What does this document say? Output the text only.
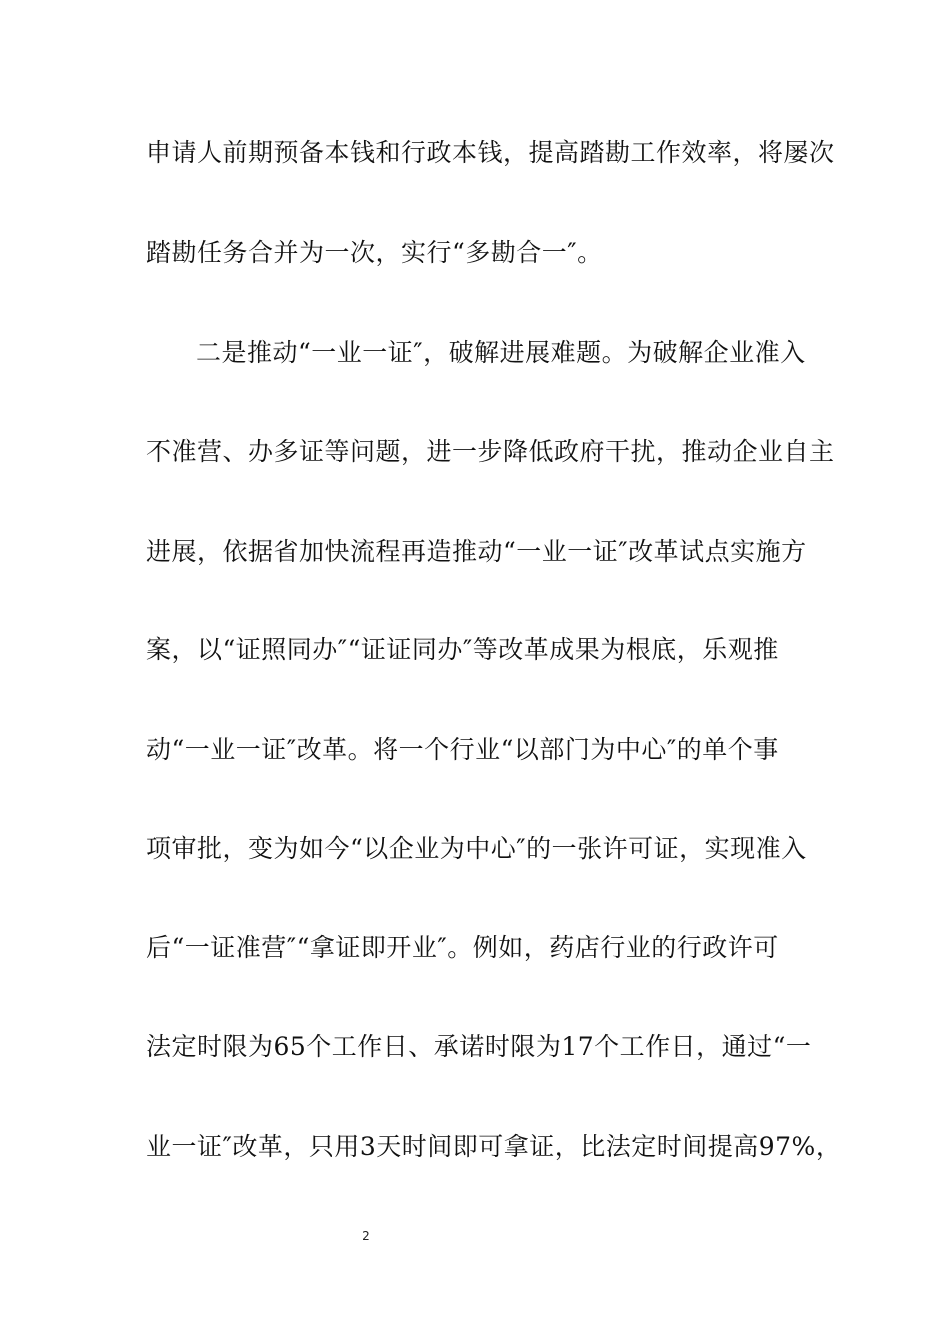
申请人前期预备本钱和行政本钱，提高踏勘工作效率，将屡次
踏勘任务合并为一次，实行“多勘合一″。
二是推动“一业一证″，破解进展难题。为破解企业准入
不准营、办多证等问题，进一步降低政府干扰，推动企业自主
进展，依据省加快流程再造推动“一业一证″改革试点实施方
案，以“证照同办″“证证同办″等改革成果为根底，乐观推
动“一业一证″改革。将一个行业“以部门为中心″的单个事
项审批，变为如今“以企业为中心″的一张许可证，实现准入
后“一证准营″“拿证即开业″。例如，药店行业的行政许可
法定时限为65个工作日、承诺时限为17个工作日，通过“一
业一证″改革，只用3天时间即可拿证，比法定时间提高97%，
2
